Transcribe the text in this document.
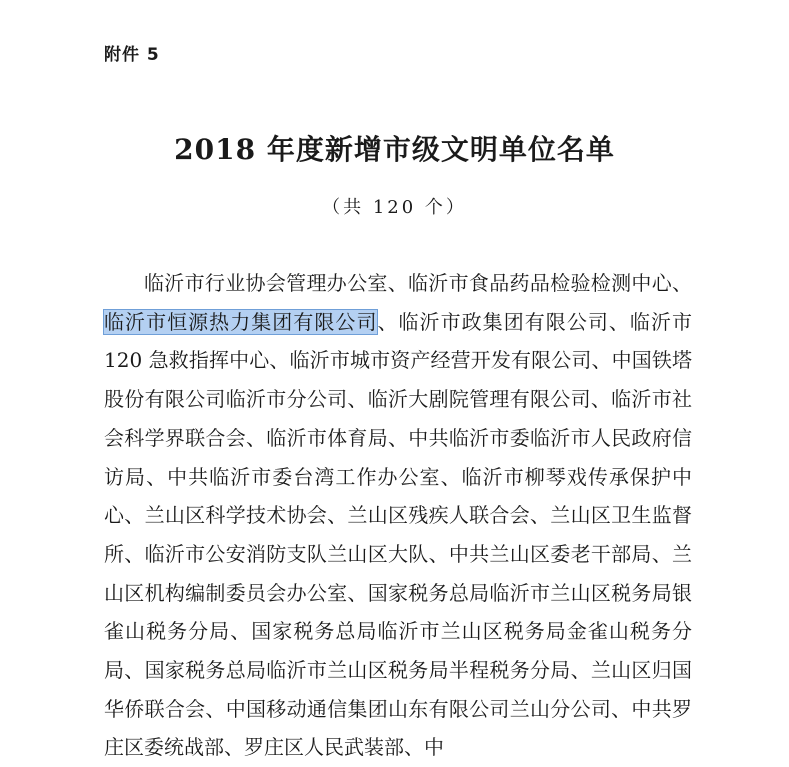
附件 5
2018 年度新增市级文明单位名单
（共 120 个）

临沂市行业协会管理办公室、临沂市食品药品检验检测中心、临沂市恒源热力集团有限公司、临沂市政集团有限公司、临沂市 120 急救指挥中心、临沂市城市资产经营开发有限公司、中国铁塔股份有限公司临沂市分公司、临沂大剧院管理有限公司、临沂市社会科学界联合会、临沂市体育局、中共临沂市委临沂市人民政府信访局、中共临沂市委台湾工作办公室、临沂市柳琴戏传承保护中心、兰山区科学技术协会、兰山区残疾人联合会、兰山区卫生监督所、临沂市公安消防支队兰山区大队、中共兰山区委老干部局、兰山区机构编制委员会办公室、国家税务总局临沂市兰山区税务局银雀山税务分局、国家税务总局临沂市兰山区税务局金雀山税务分局、国家税务总局临沂市兰山区税务局半程税务分局、兰山区归国华侨联合会、中国移动通信集团山东有限公司兰山分公司、中共罗庄区委统战部、罗庄区人民武装部、中
